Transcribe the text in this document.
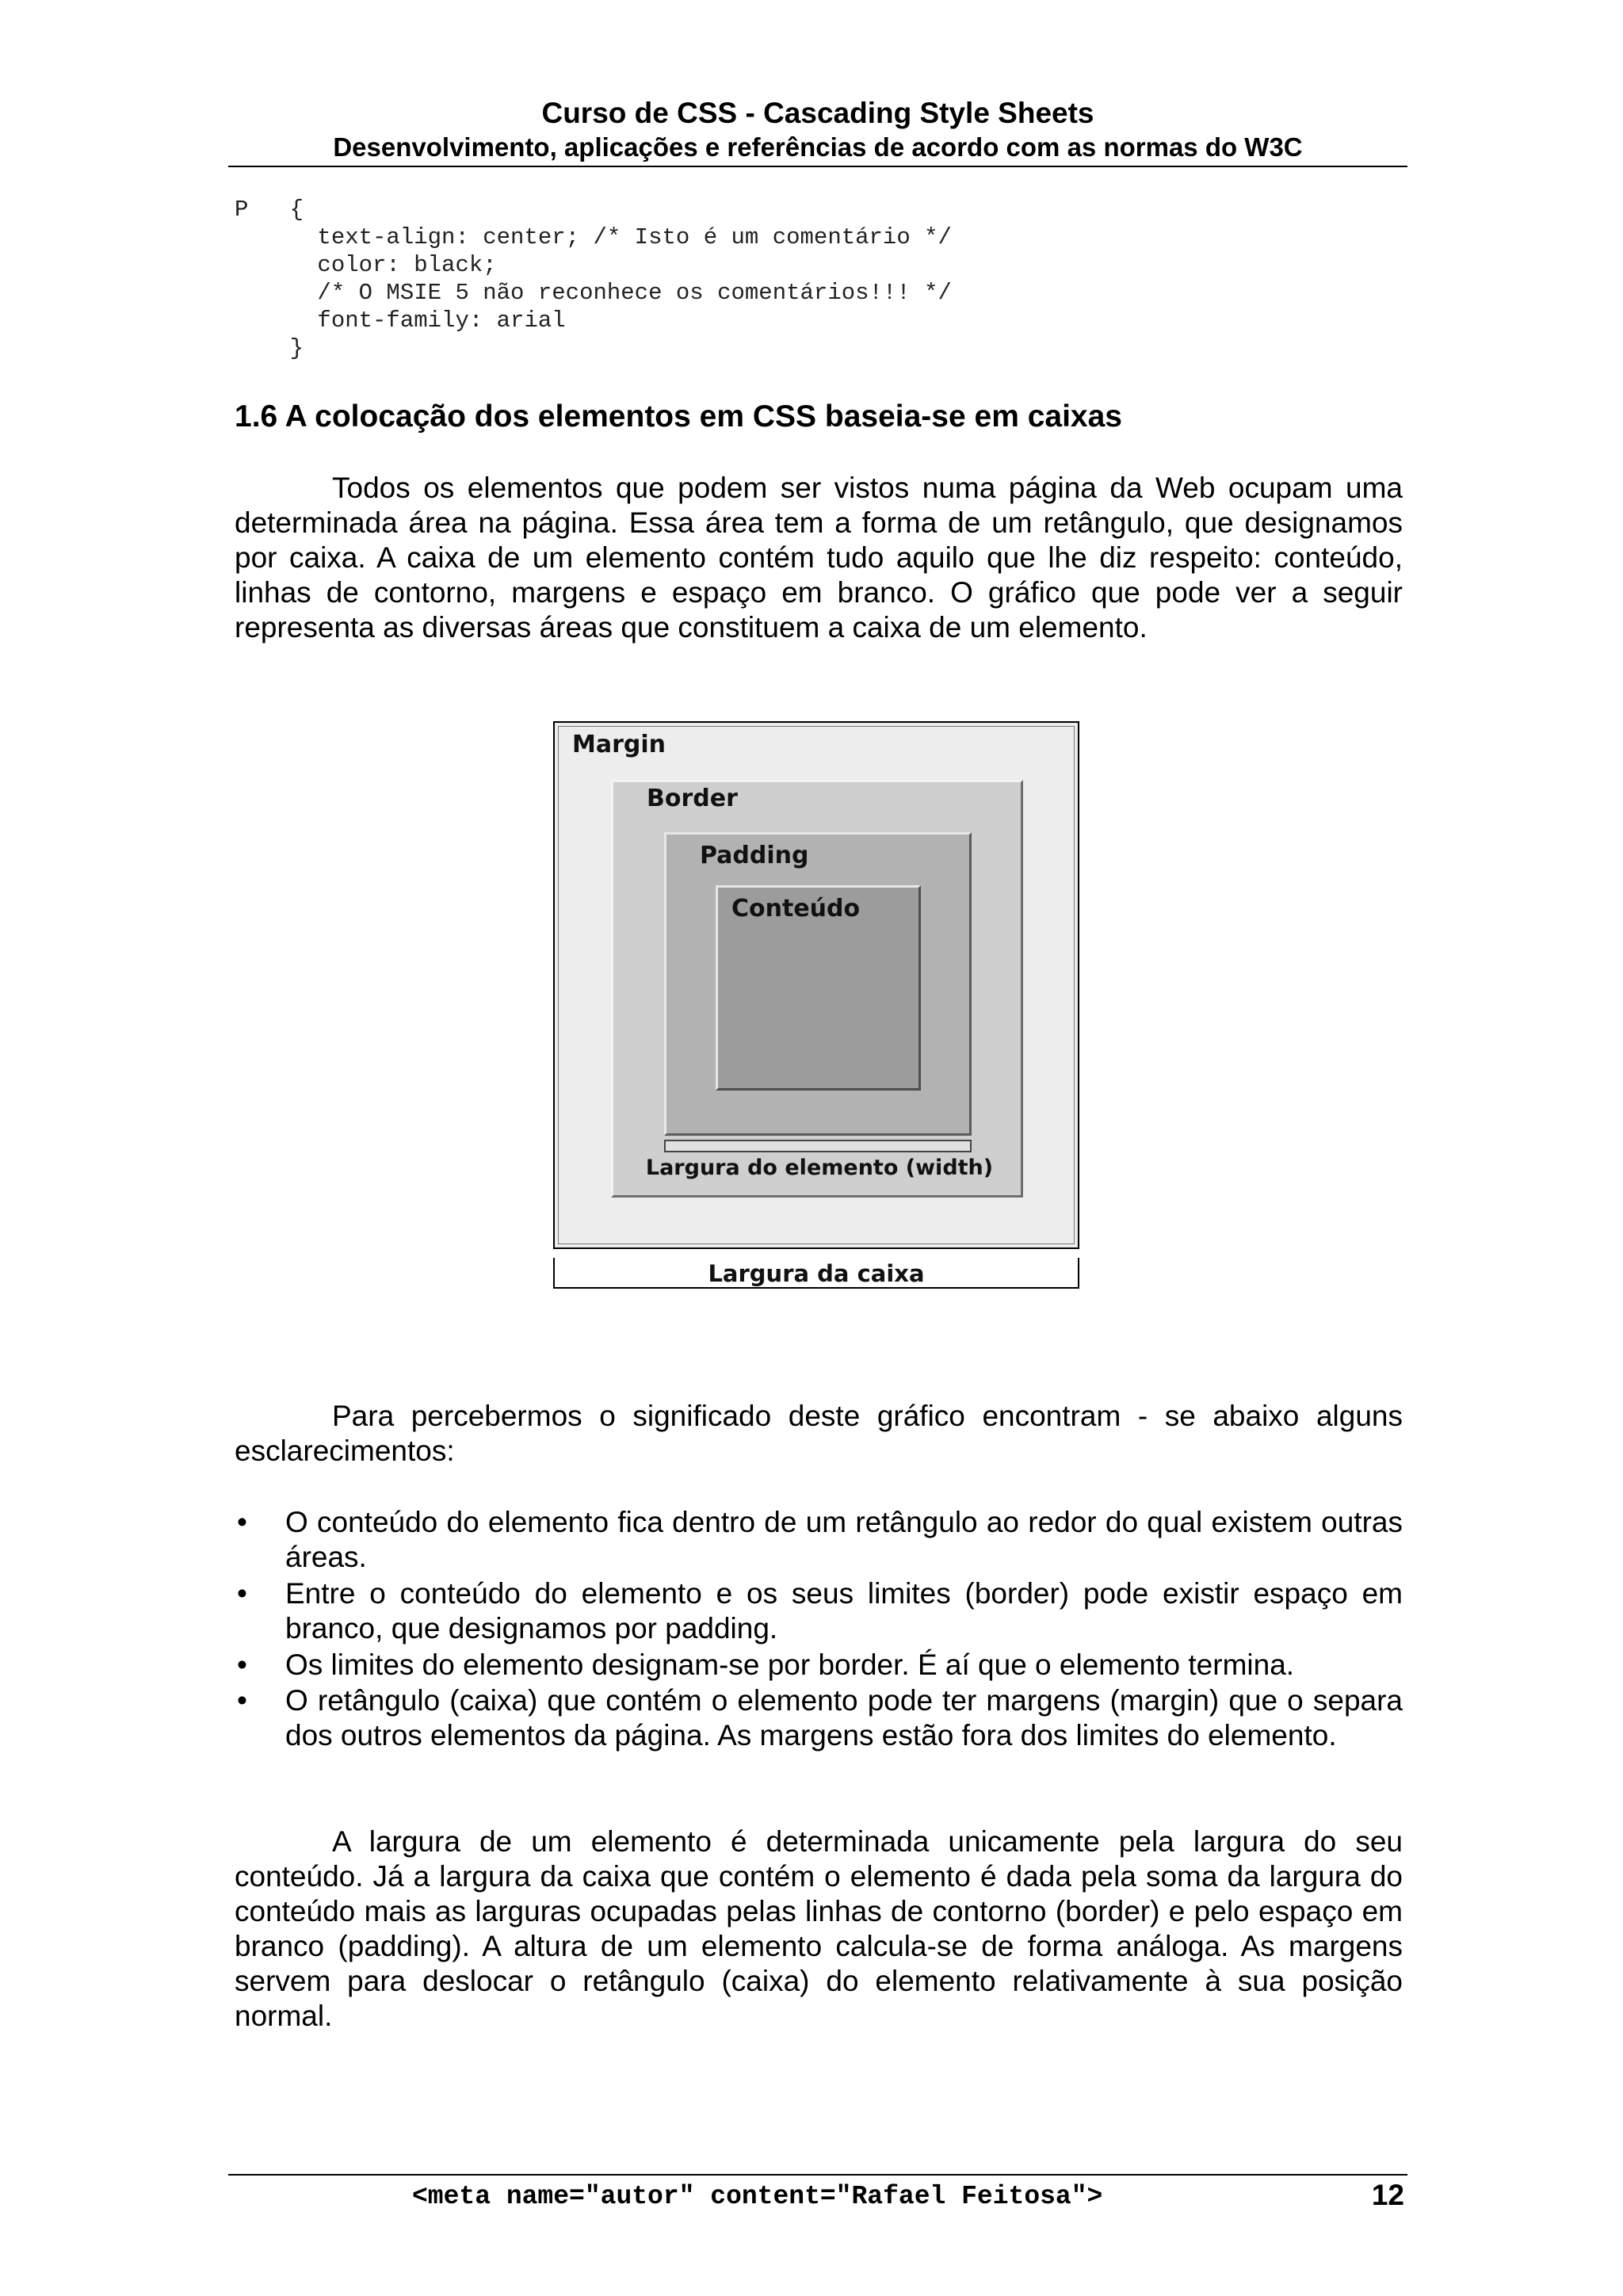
Curso de CSS - Cascading Style Sheets
Desenvolvimento, aplicações e referências de acordo com as normas do W3C
P   {
text-align: center; /* Isto é um comentário */
color: black;
/* O MSIE 5 não reconhece os comentários!!! */
font-family: arial
}
1.6 A colocação dos elementos em CSS baseia-se em caixas
Todos os elementos que podem ser vistos numa página da Web ocupam uma determinada área na página. Essa área tem a forma de um retângulo, que designamos por caixa. A caixa de um elemento contém tudo aquilo que lhe diz respeito: conteúdo, linhas de contorno, margens e espaço em branco. O gráfico que pode ver a seguir representa as diversas áreas que constituem a caixa de um elemento.
Margin
Border
Padding
Conteúdo
Largura do elemento (width)
Largura da caixa
Para percebermos o significado deste gráfico encontram - se abaixo alguns esclarecimentos:
• O conteúdo do elemento fica dentro de um retângulo ao redor do qual existem outras áreas.
• Entre o conteúdo do elemento e os seus limites (border) pode existir espaço em branco, que designamos por padding.
• Os limites do elemento designam-se por border. É aí que o elemento termina.
• O retângulo (caixa) que contém o elemento pode ter margens (margin) que o separa dos outros elementos da página. As margens estão fora dos limites do elemento.
A largura de um elemento é determinada unicamente pela largura do seu conteúdo. Já a largura da caixa que contém o elemento é dada pela soma da largura do conteúdo mais as larguras ocupadas pelas linhas de contorno (border) e pelo espaço em branco (padding). A altura de um elemento calcula-se de forma análoga. As margens servem para deslocar o retângulo (caixa) do elemento relativamente à sua posição normal.
<meta name="autor" content="Rafael Feitosa">	12
